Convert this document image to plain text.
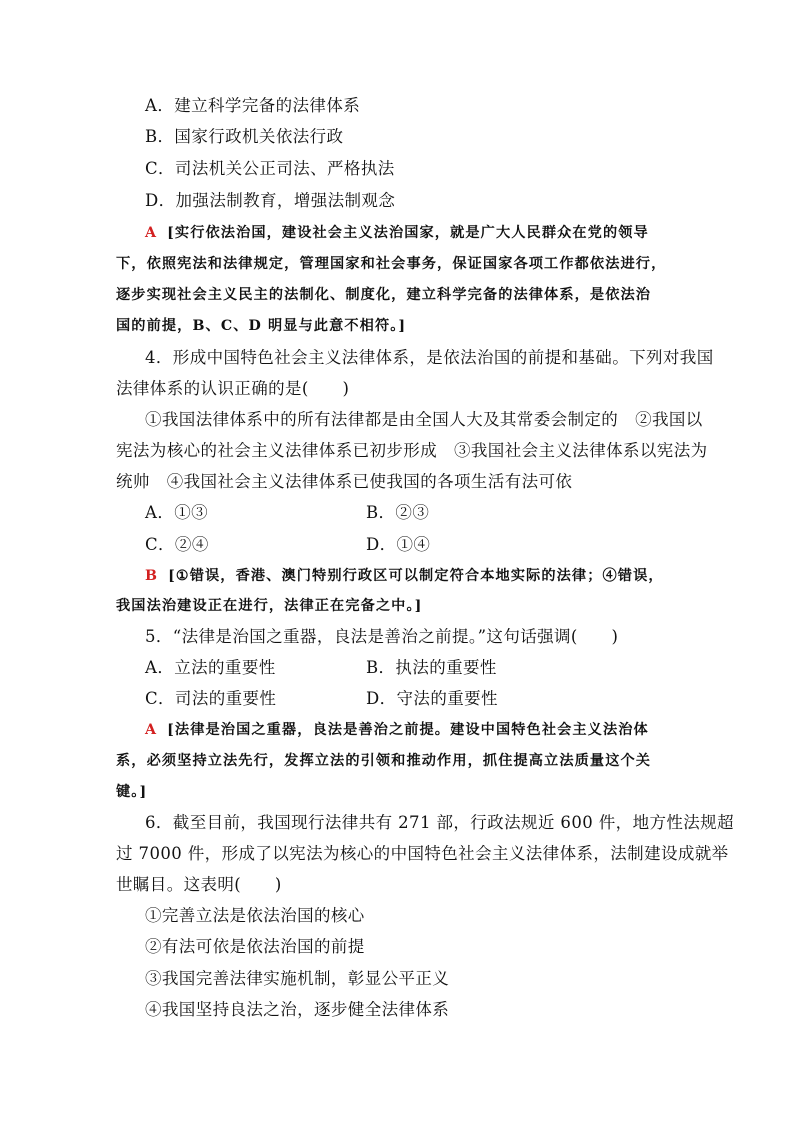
A．建立科学完备的法律体系
B．国家行政机关依法行政
C．司法机关公正司法、严格执法
D．加强法制教育，增强法制观念
A [实行依法治国，建设社会主义法治国家，就是广大人民群众在党的领导
下，依照宪法和法律规定，管理国家和社会事务，保证国家各项工作都依法进行，
逐步实现社会主义民主的法制化、制度化，建立科学完备的法律体系，是依法治
国的前提，B、C、D 明显与此意不相符。]
4．形成中国特色社会主义法律体系，是依法治国的前提和基础。下列对我国
法律体系的认识正确的是(　　)
①我国法律体系中的所有法律都是由全国人大及其常委会制定的　②我国以
宪法为核心的社会主义法律体系已初步形成　③我国社会主义法律体系以宪法为
统帅　④我国社会主义法律体系已使我国的各项生活有法可依
A．①③	B．②③
C．②④	D．①④
B [①错误，香港、澳门特别行政区可以制定符合本地实际的法律；④错误，
我国法治建设正在进行，法律正在完备之中。]
5．“法律是治国之重器，良法是善治之前提。”这句话强调(　　)
A．立法的重要性	B．执法的重要性
C．司法的重要性	D．守法的重要性
A [法律是治国之重器，良法是善治之前提。建设中国特色社会主义法治体
系，必须坚持立法先行，发挥立法的引领和推动作用，抓住提高立法质量这个关
键。]
6．截至目前，我国现行法律共有 271 部，行政法规近 600 件，地方性法规超
过 7000 件，形成了以宪法为核心的中国特色社会主义法律体系，法制建设成就举
世瞩目。这表明(　　)
①完善立法是依法治国的核心
②有法可依是依法治国的前提
③我国完善法律实施机制，彰显公平正义
④我国坚持良法之治，逐步健全法律体系
